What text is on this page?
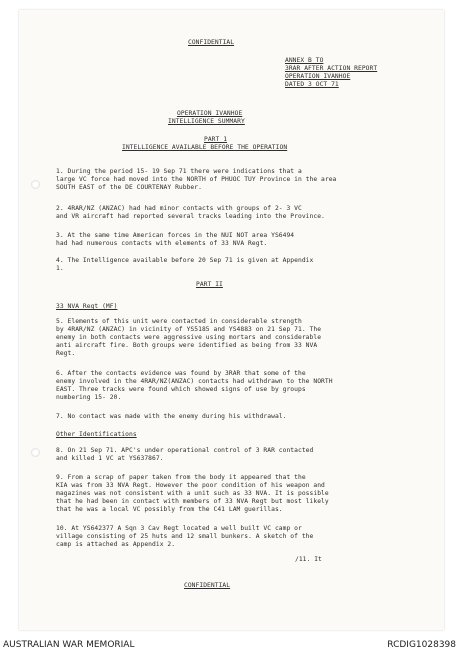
CONFIDENTIAL
ANNEX B TO
3RAR AFTER ACTION REPORT
OPERATION IVANHOE
DATED 3 OCT 71
OPERATION IVANHOE
INTELLIGENCE SUMMARY
PART 1
INTELLIGENCE AVAILABLE BEFORE THE OPERATION
1. During the period 15- 19 Sep 71 there were indications that a
large VC force had moved into the NORTH of PHUOC TUY Province in the area
SOUTH EAST of the DE COURTENAY Rubber.
2. 4RAR/NZ (ANZAC) had had minor contacts with groups of 2- 3 VC
and VR aircraft had reported several tracks leading into the Province.
3. At the same time American forces in the NUI NOT area YS6494
had had numerous contacts with elements of 33 NVA Regt.
4. The Intelligence available before 20 Sep 71 is given at Appendix
1.
PART II
33 NVA Regt (MF)
5. Elements of this unit were contacted in considerable strength
by 4RAR/NZ (ANZAC) in vicinity of YS5185 and YS4883 on 21 Sep 71. The
enemy in both contacts were aggressive using mortars and considerable
anti aircraft fire. Both groups were identified as being from 33 NVA
Regt.
6. After the contacts evidence was found by 3RAR that some of the
enemy involved in the 4RAR/NZ(ANZAC) contacts had withdrawn to the NORTH
EAST. Three tracks were found which showed signs of use by groups
numbering 15- 20.
7. No contact was made with the enemy during his withdrawal.
Other Identifications
8. On 21 Sep 71. APC's under operational control of 3 RAR contacted
and killed 1 VC at YS637867.
9. From a scrap of paper taken from the body it appeared that the
KIA was from 33 NVA Regt. However the poor condition of his weapon and
magazines was not consistent with a unit such as 33 NVA. It is possible
that he had been in contact with members of 33 NVA Regt but most likely
that he was a local VC possibly from the C41 LAM guerillas.
10. At YS642377 A Sqn 3 Cav Regt located a well built VC camp or
village consisting of 25 huts and 12 small bunkers. A sketch of the
camp is attached as Appendix 2.
/11. It
CONFIDENTIAL
AUSTRALIAN WAR MEMORIAL	RCDIG1028398
